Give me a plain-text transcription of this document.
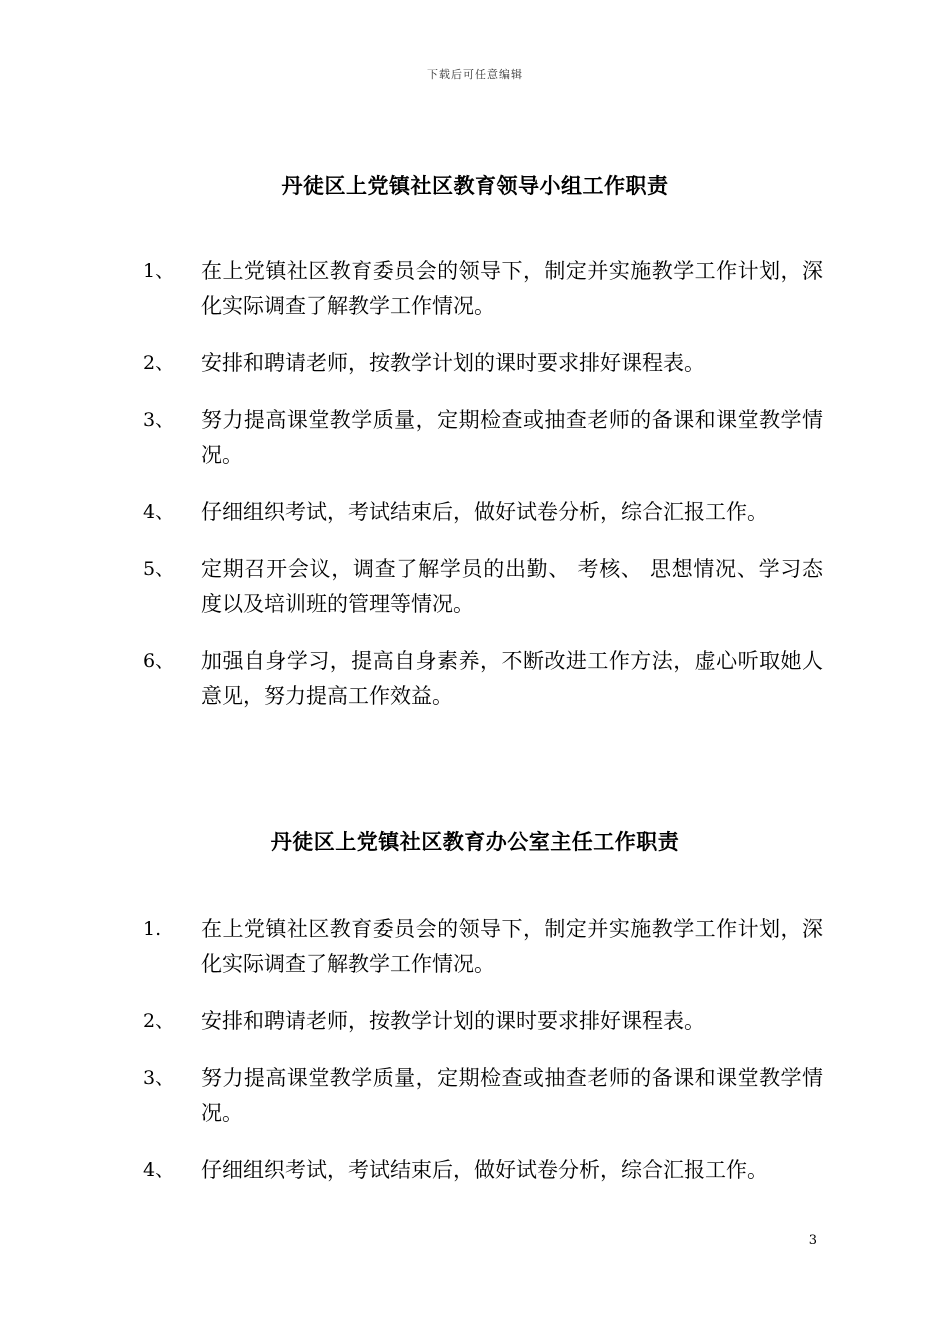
下载后可任意编辑
丹徒区上党镇社区教育领导小组工作职责
1、	在上党镇社区教育委员会的领导下，制定并实施教学工作计划，深化实际调查了解教学工作情况。
2、	安排和聘请老师，按教学计划的课时要求排好课程表。
3、	努力提高课堂教学质量，定期检查或抽查老师的备课和课堂教学情况。
4、	仔细组织考试，考试结束后，做好试卷分析，综合汇报工作。
5、	定期召开会议，调查了解学员的出勤、 考核、 思想情况、学习态度以及培训班的管理等情况。
6、	加强自身学习，提高自身素养，不断改进工作方法，虚心听取她人意见，努力提高工作效益。
丹徒区上党镇社区教育办公室主任工作职责
1.	在上党镇社区教育委员会的领导下，制定并实施教学工作计划，深化实际调查了解教学工作情况。
2、	安排和聘请老师，按教学计划的课时要求排好课程表。
3、	努力提高课堂教学质量，定期检查或抽查老师的备课和课堂教学情况。
4、	仔细组织考试，考试结束后，做好试卷分析，综合汇报工作。
3
